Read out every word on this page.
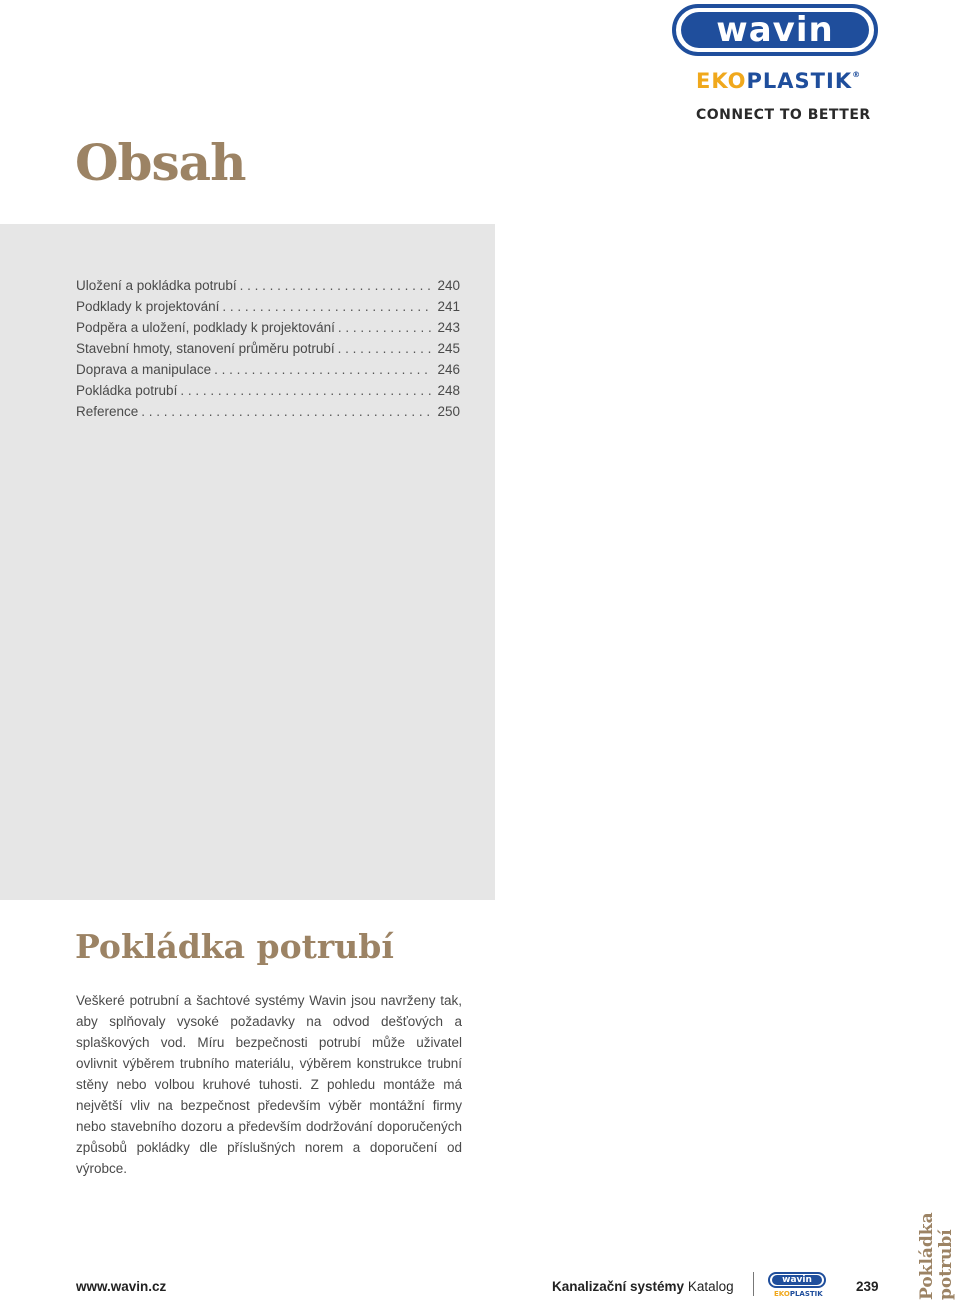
wavin
EKOPLASTIK®
CONNECT TO BETTER
Obsah
Uložení a pokládka potrubí . . .	240
Podklady k projektování . . .	241
Podpěra a uložení, podklady k projektování . . .	243
Stavební hmoty, stanovení průměru potrubí . . .	245
Doprava a manipulace . . .	246
Pokládka potrubí . . .	248
Reference . . .	250
Pokládka potrubí

Veškeré potrubní a šachtové systémy Wavin jsou navrženy tak, aby splňovaly vysoké požadavky na odvod dešťových a splaškových vod. Míru bezpečnosti potrubí může uživatel ovlivnit výběrem trubního materiálu, výběrem konstrukce trubní stěny nebo volbou kruhové tuhosti. Z pohledu montáže má největší vliv na bezpečnost především výběr montážní firmy nebo stavebního dozoru a především dodržování doporučených způsobů pokládky dle příslušných norem a doporučení od výrobce.

Pokládka potrubí
www.wavin.cz	Kanalizační systémy Katalog	wavin
EKOPLASTIK 239
